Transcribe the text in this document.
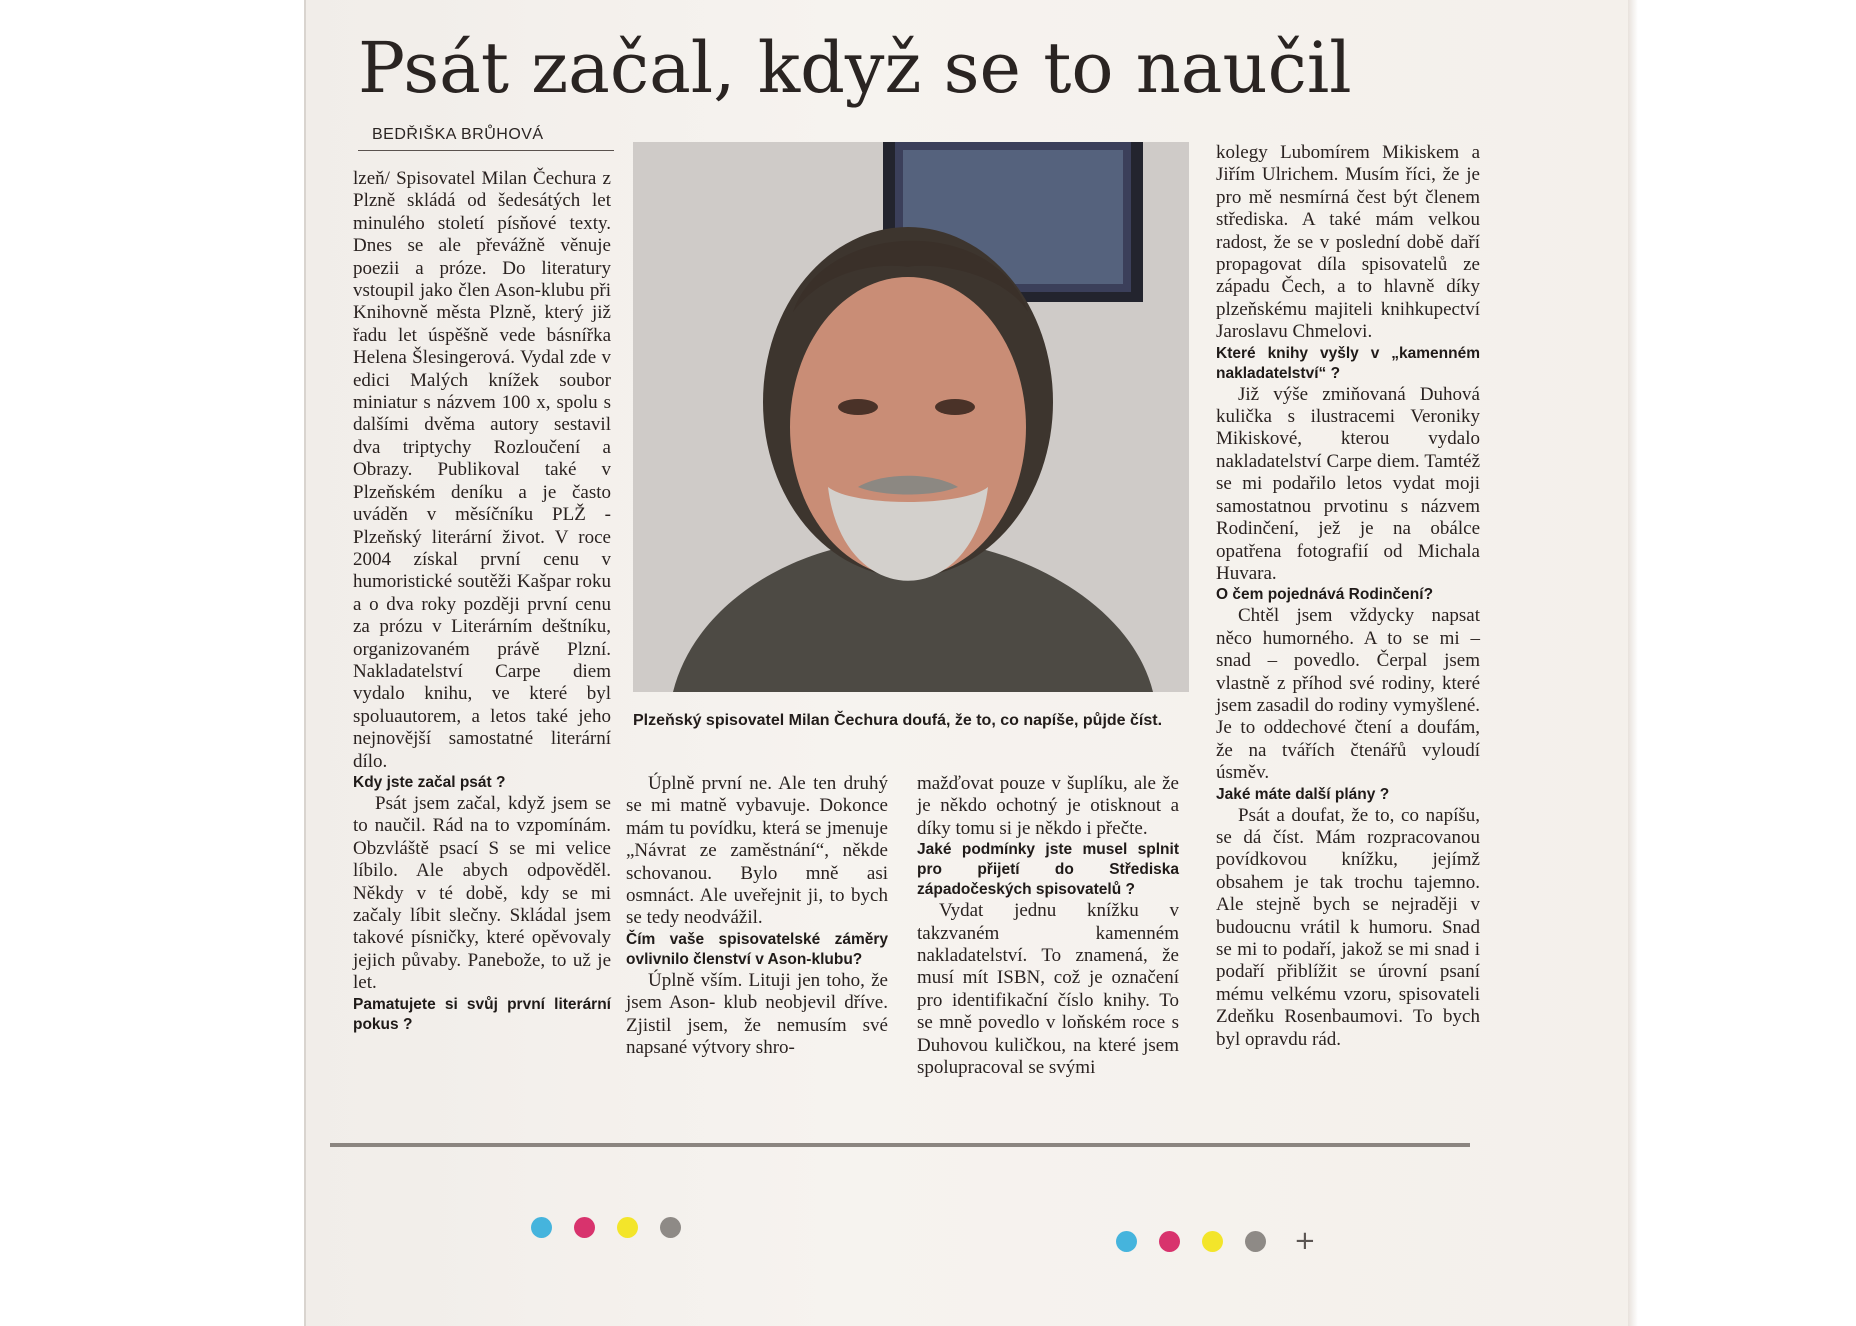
Psát začal, když se to naučil
BEDŘIŠKA BRŮHOVÁ

lzeň/ Spisovatel Milan Čechura z Plzně skládá od šedesátých let minulého století písňové texty. Dnes se ale převážně věnuje poezii a próze. Do literatury vstoupil jako člen Ason-klubu při Knihovně města Plzně, který již řadu let úspěšně vede básnířka Helena Šlesingerová. Vydal zde v edici Malých knížek soubor miniatur s názvem 100 x, spolu s dalšími dvěma autory sestavil dva triptychy Rozloučení a Obrazy. Publikoval také v Plzeňském deníku a je často uváděn v měsíčníku PLŽ - Plzeňský literární život. V roce 2004 získal první cenu v humoristické soutěži Kašpar roku a o dva roky později první cenu za prózu v Literárním deštníku, organizovaném právě Plzní. Nakladatelství Carpe diem vydalo knihu, ve které byl spoluautorem, a letos také jeho nejnovější samostatné literární dílo.

Kdy jste začal psát ?

Psát jsem začal, když jsem se to naučil. Rád na to vzpomínám. Obzvláště psací S se mi velice líbilo. Ale abych odpověděl. Někdy v té době, kdy se mi začaly líbit slečny. Skládal jsem takové písničky, které opěvovaly jejich půvaby. Panebože, to už je let.

Pamatujete si svůj první literární pokus ?

Plzeňský spisovatel Milan Čechura doufá, že to, co napíše, půjde číst.

Úplně první ne. Ale ten druhý se mi matně vybavuje. Dokonce mám tu povídku, která se jmenuje „Návrat ze zaměstnání“, někde schovanou. Bylo mně asi osmnáct. Ale uveřejnit ji, to bych se tedy neodvážil.

Čím vaše spisovatelské záměry ovlivnilo členství v Ason-klubu?

Úplně vším. Lituji jen toho, že jsem Ason- klub neobjevil dříve. Zjistil jsem, že nemusím své napsané výtvory shro-

mažďovat pouze v šuplíku, ale že je někdo ochotný je otisknout a díky tomu si je někdo i přečte.

Jaké podmínky jste musel splnit pro přijetí do Střediska západočeských spisovatelů ?

Vydat jednu knížku v takzvaném kamenném nakladatelství. To znamená, že musí mít ISBN, což je označení pro identifikační číslo knihy. To se mně povedlo v loňském roce s Duhovou kuličkou, na které jsem spolupracoval se svými

kolegy Lubomírem Mikiskem a Jiřím Ulrichem. Musím říci, že je pro mě nesmírná čest být členem střediska. A také mám velkou radost, že se v poslední době daří propagovat díla spisovatelů ze západu Čech, a to hlavně díky plzeňskému majiteli knihkupectví Jaroslavu Chmelovi.

Které knihy vyšly v „kamenném nakladatelství“ ?

Již výše zmiňovaná Duhová kulička s ilustracemi Veroniky Mikiskové, kterou vydalo nakladatelství Carpe diem. Tamtéž se mi podařilo letos vydat moji samostatnou prvotinu s názvem Rodinčení, jež je na obálce opatřena fotografií od Michala Huvara.

O čem pojednává Rodinčení?

Chtěl jsem vždycky napsat něco humorného. A to se mi – snad – povedlo. Čerpal jsem vlastně z příhod své rodiny, které jsem zasadil do rodiny vymyšlené. Je to oddechové čtení a doufám, že na tvářích čtenářů vyloudí úsměv.

Jaké máte další plány ?

Psát a doufat, že to, co napíšu, se dá číst. Mám rozpracovanou povídkovou knížku, jejímž obsahem je tak trochu tajemno. Ale stejně bych se nejraději v budoucnu vrátil k humoru. Snad se mi to podaří, jakož se mi snad i podaří přiblížit se úrovní psaní mému velkému vzoru, spisovateli Zdeňku Rosenbaumovi. To bych byl opravdu rád.

+
